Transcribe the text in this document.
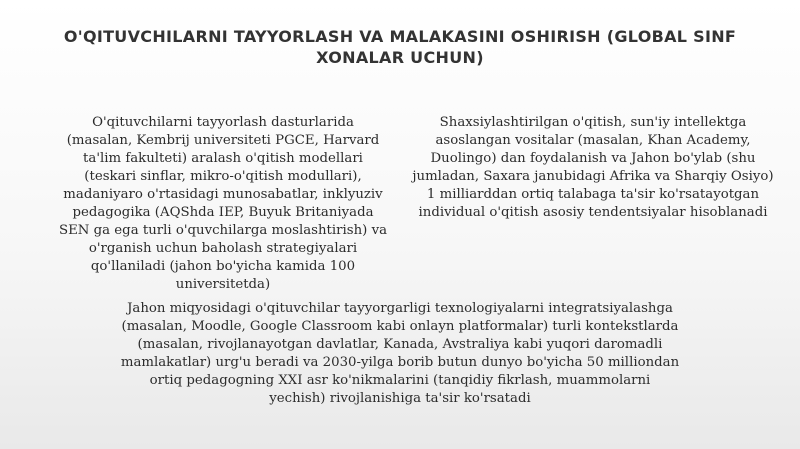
O'QITUVCHILARNI TAYYORLASH VA MALAKASINI OSHIRISH (GLOBAL SINF XONALAR UCHUN)

O'qituvchilarni tayyorlash dasturlarida (masalan, Kembrij universiteti PGCE, Harvard ta'lim fakulteti) aralash o'qitish modellari (teskari sinflar, mikro-o'qitish modullari), madaniyaro o'rtasidagi munosabatlar, inklyuziv pedagogika (AQShda IEP, Buyuk Britaniyada SEN ga ega turli o'quvchilarga moslashtirish) va o'rganish uchun baholash strategiyalari qo'llaniladi (jahon bo'yicha kamida 100 universitetda)

Shaxsiylashtirilgan o'qitish, sun'iy intellektga asoslangan vositalar (masalan, Khan Academy, Duolingo) dan foydalanish va Jahon bo'ylab (shu jumladan, Saxara janubidagi Afrika va Sharqiy Osiyo) 1 milliarddan ortiq talabaga ta'sir ko'rsatayotgan individual o'qitish asosiy tendentsiyalar hisoblanadi

Jahon miqyosidagi o'qituvchilar tayyorgarligi texnologiyalarni integratsiyalashga (masalan, Moodle, Google Classroom kabi onlayn platformalar) turli kontekstlarda (masalan, rivojlanayotgan davlatlar, Kanada, Avstraliya kabi yuqori daromadli mamlakatlar) urg'u beradi va 2030-yilga borib butun dunyo bo'yicha 50 milliondan ortiq pedagogning XXI asr ko'nikmalarini (tanqidiy fikrlash, muammolarni yechish) rivojlanishiga ta'sir ko'rsatadi
